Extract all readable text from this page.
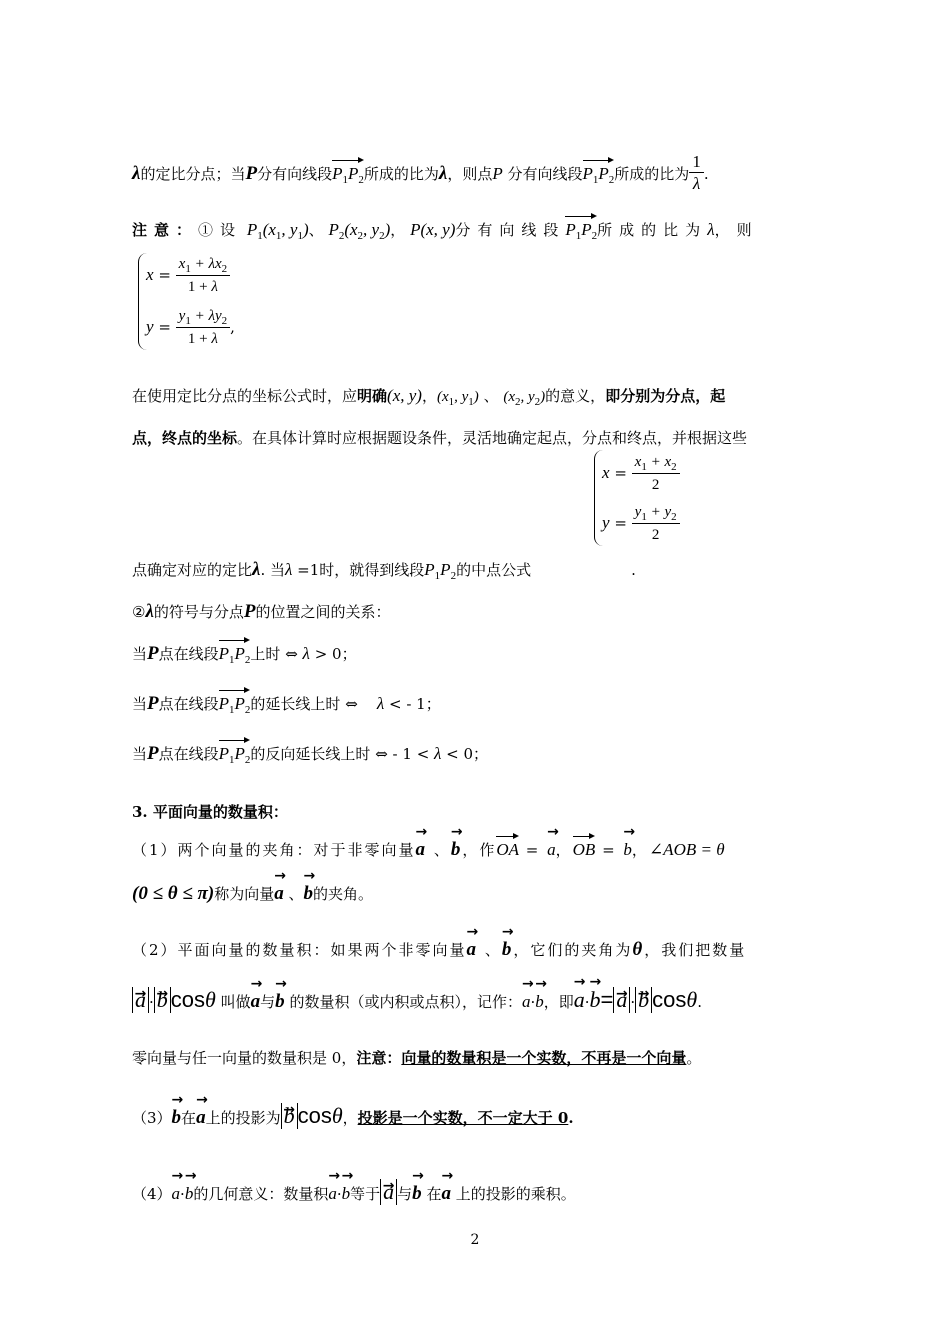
λ的定比分点；当P分有向线段$P_1P_2$所成的比为λ，则点P 分有向线段$P_1P_2$所成的比为 $\frac{1}{\lambda}$ .
注意：①设 $P_1(x_1$, $y_1$)、 $P_2(x_2$, $y_2$)， P(x, y)分有向线段$P_1P_2$所成的比为λ，则
$x = \frac{x_1 + \lambda x_2}{1 + \lambda}$
$y = \frac{y_1 + \lambda y_2}{1 + \lambda}$ ,
在使用定比分点的坐标公式时，应明确(x, y)，($x_1$, $y_1$) 、 ($x_2$, $y_2$)的意义，即分别为分点，起
点，终点的坐标。在具体计算时应根据题设条件，灵活地确定起点，分点和终点，并根据这些
$x = \frac{x_1 + x_2}{2}$
$y = \frac{y_1 + y_2}{2}$
点确定对应的定比λ. 当λ =1时，就得到线段$P_1P_2$的中点公式	.
②λ的符号与分点P的位置之间的关系：
当P点在线段$P_1P_2$上时 ⇔ λ > 0；
当P点在线段$P_1P_2$的延长线上时 ⇔    λ < - 1；
当P点在线段$P_1P_2$的反向延长线上时 ⇔ - 1 < λ < 0；
3. 平面向量的数量积：
（1）两个向量的夹角：对于非零向量→ a 、→ b，作OA = → a，OB = → b，∠AOB = θ
(0 ≤ θ ≤ π)称为向量→ a 、→ b的夹角。
（2）平面向量的数量积：如果两个非零向量→ a 、→ b，它们的夹角为θ，我们把数量
→ a · → b cosθ 叫做→ a与→ b 的数量积（或内积或点积），记作：→ a·→ b，即→ a·→ b= → a · → b cosθ.
零向量与任一向量的数量积是 0，注意：向量的数量积是一个实数，不再是一个向量。
（3）→ b在→ a上的投影为 → b cosθ，投影是一个实数，不一定大于 0.
（4）→ a·→ b的几何意义：数量积→ a·→ b等于 → a 与→ b 在→ a 上的投影的乘积。
2
